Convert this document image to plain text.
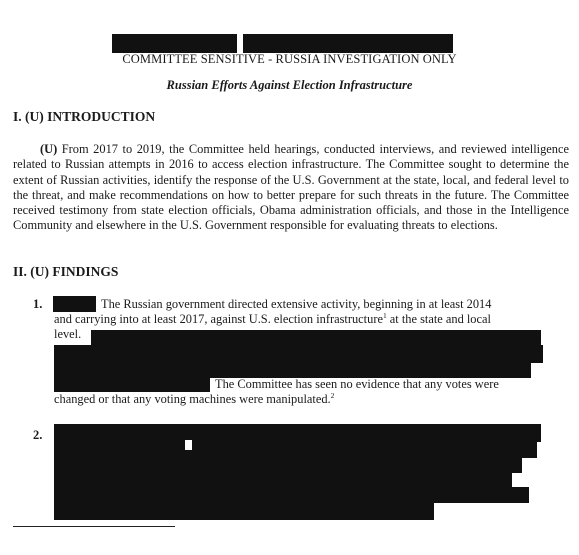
COMMITTEE SENSITIVE - RUSSIA INVESTIGATION ONLY
Russian Efforts Against Election Infrastructure
I. (U) INTRODUCTION
(U) From 2017 to 2019, the Committee held hearings, conducted interviews, and reviewed intelligence related to Russian attempts in 2016 to access election infrastructure. The Committee sought to determine the extent of Russian activities, identify the response of the U.S. Government at the state, local, and federal level to the threat, and make recommendations on how to better prepare for such threats in the future. The Committee received testimony from state election officials, Obama administration officials, and those in the Intelligence Community and elsewhere in the U.S. Government responsible for evaluating threats to elections.
II. (U) FINDINGS
1.	The Russian government directed extensive activity, beginning in at least 2014
and carrying into at least 2017, against U.S. election infrastructure$^1$ at the state and local
level.
The Committee has seen no evidence that any votes were
changed or that any voting machines were manipulated.$^2$
2.
